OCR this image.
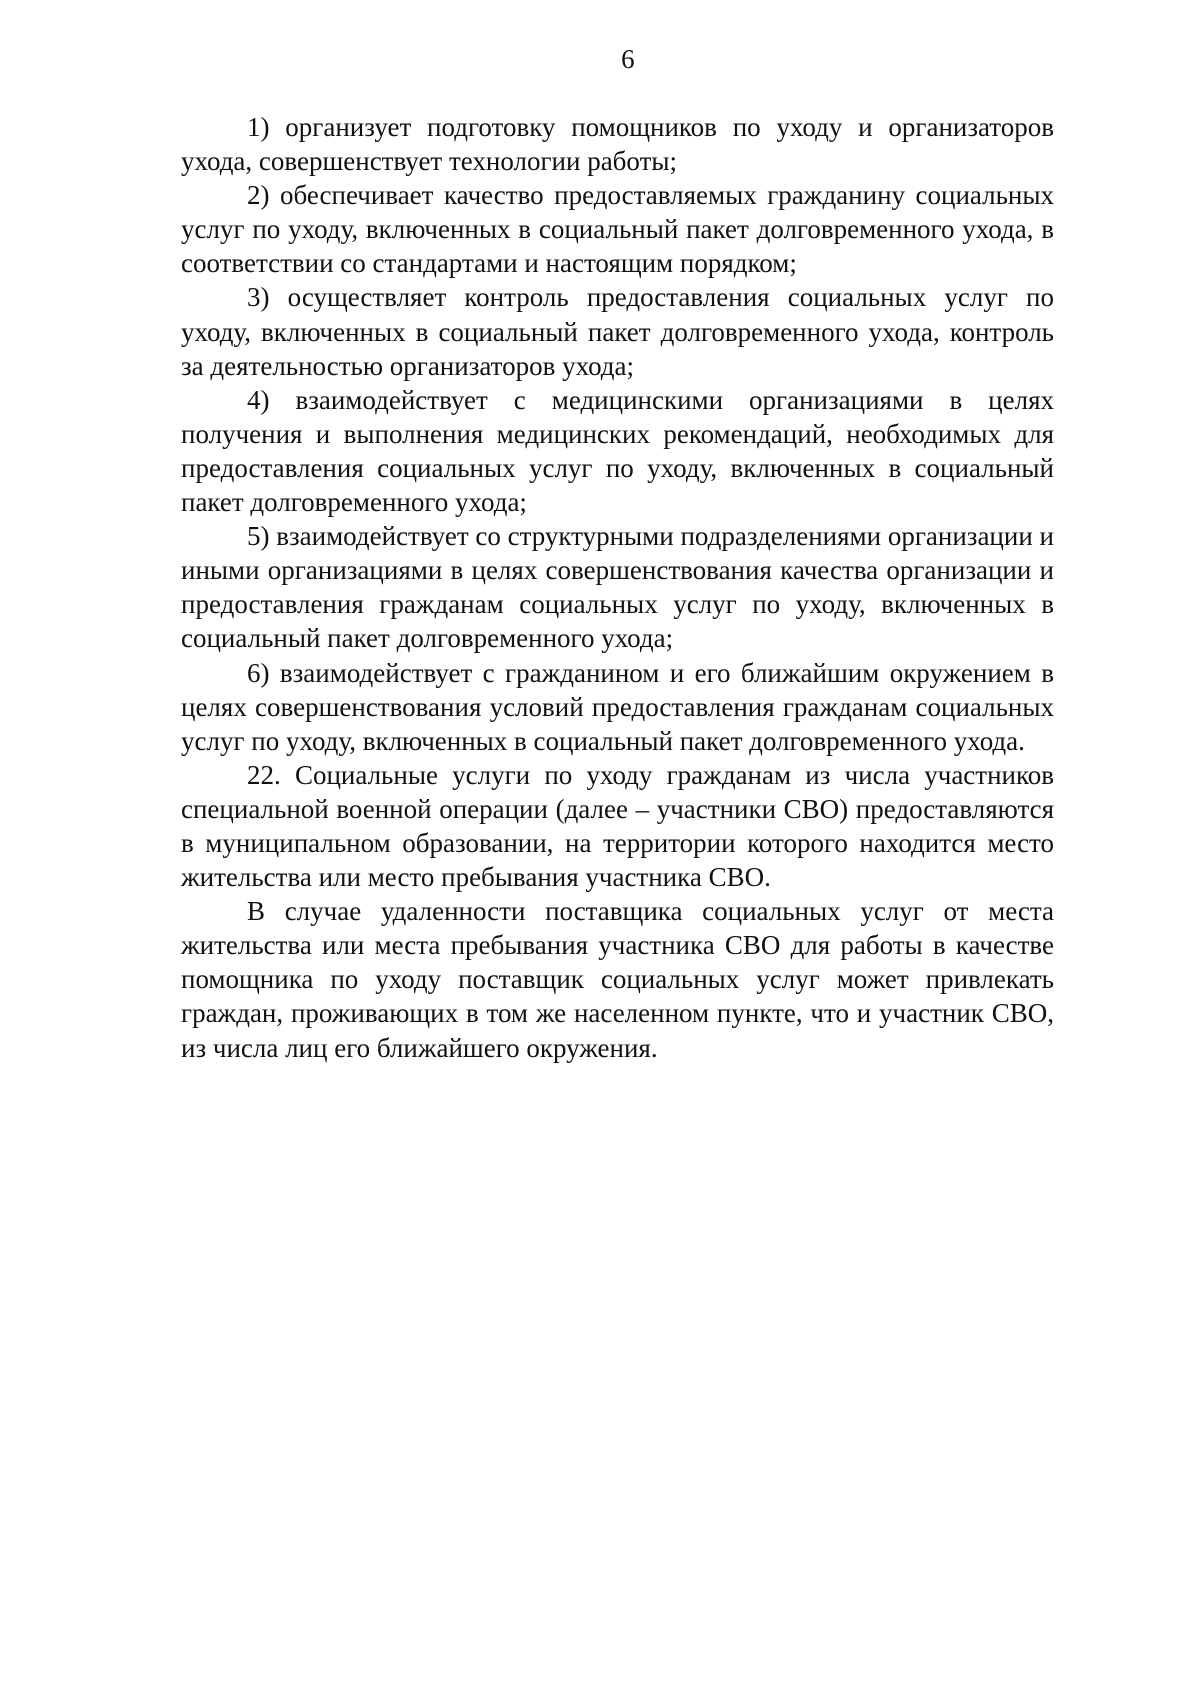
6

1) организует подготовку помощников по уходу и организаторов ухода, совершенствует технологии работы;

2) обеспечивает качество предоставляемых гражданину социальных услуг по уходу, включенных в социальный пакет долговременного ухода, в соответствии со стандартами и настоящим порядком;

3) осуществляет контроль предоставления социальных услуг по уходу, включенных в социальный пакет долговременного ухода, контроль за деятельностью организаторов ухода;

4) взаимодействует с медицинскими организациями в целях получения и выполнения медицинских рекомендаций, необходимых для предоставления социальных услуг по уходу, включенных в социальный пакет долговременного ухода;

5) взаимодействует со структурными подразделениями организации и иными организациями в целях совершенствования качества организации и предоставления гражданам социальных услуг по уходу, включенных в социальный пакет долговременного ухода;

6) взаимодействует с гражданином и его ближайшим окружением в целях совершенствования условий предоставления гражданам социальных услуг по уходу, включенных в социальный пакет долговременного ухода.

22. Социальные услуги по уходу гражданам из числа участников специальной военной операции (далее – участники СВО) предоставляются в муниципальном образовании, на территории которого находится место жительства или место пребывания участника СВО.

В случае удаленности поставщика социальных услуг от места жительства или места пребывания участника СВО для работы в качестве помощника по уходу поставщик социальных услуг может привлекать граждан, проживающих в том же населенном пункте, что и участник СВО, из числа лиц его ближайшего окружения.
